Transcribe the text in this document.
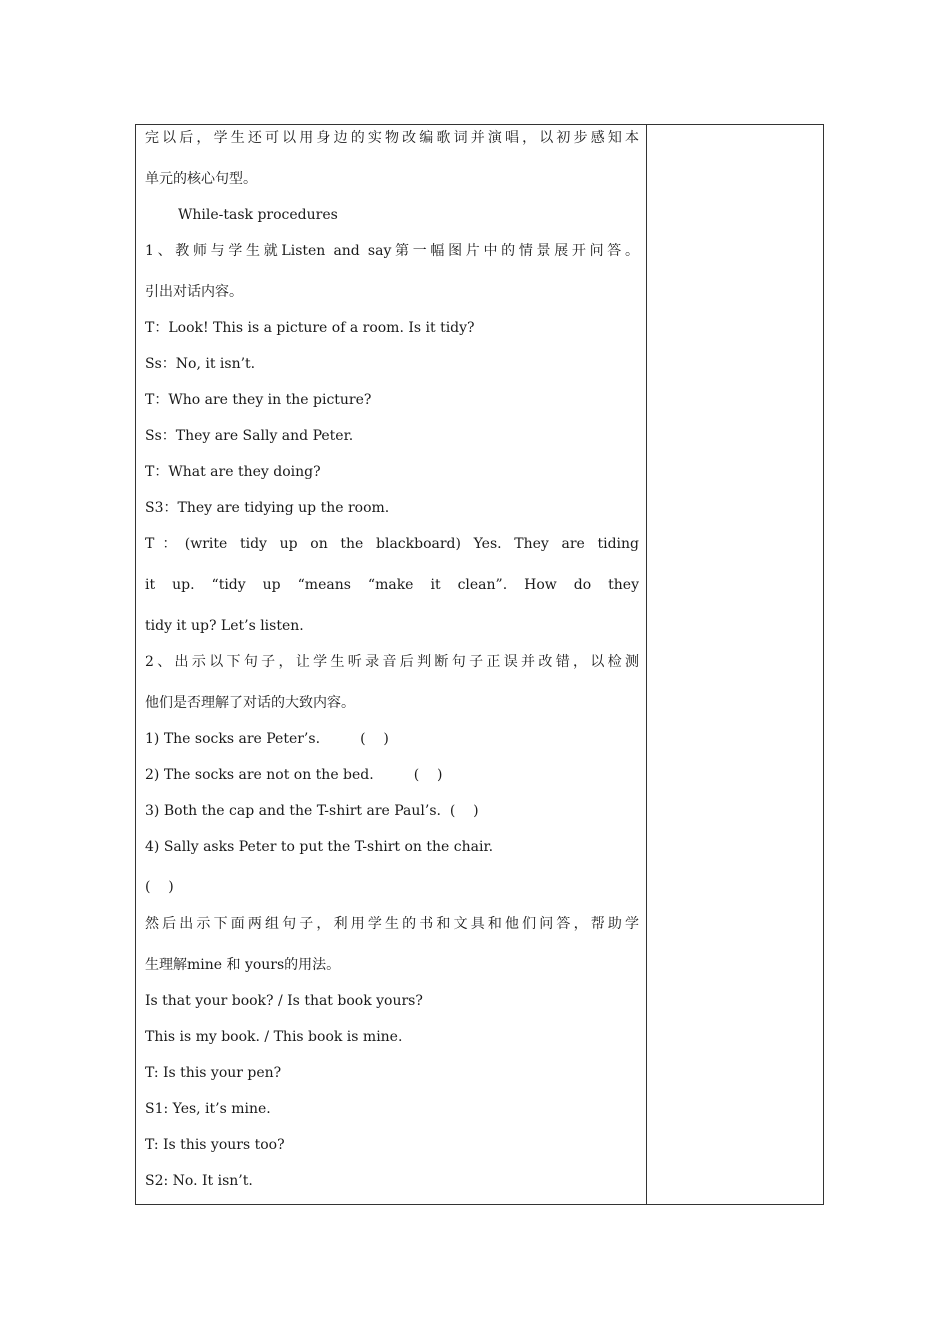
完以后，学生还可以用身边的实物改编歌词并演唱，以初步感知本
单元的核心句型。
While-task procedures
1、教师与学生就Listen and say第一幅图片中的情景展开问答。
引出对话内容。
T：Look! This is a picture of a room. Is it tidy?
Ss：No, it isn’t.
T：Who are they in the picture?
Ss：They are Sally and Peter.
T：What are they doing?
S3：They are tidying up the room.
T：(write tidy up on the blackboard) Yes. They are tiding
it up. “tidy up “means “make it clean”. How do they
tidy it up? Let’s listen.
2、出示以下句子，让学生听录音后判断句子正误并改错，以检测
他们是否理解了对话的大致内容。
1) The socks are Peter’s.         (    )
2) The socks are not on the bed.         (    )
3) Both the cap and the T-shirt are Paul’s.  (    )
4) Sally asks Peter to put the T-shirt on the chair.
(    )
然后出示下面两组句子，利用学生的书和文具和他们问答，帮助学
生理解mine 和 yours的用法。
Is that your book? / Is that book yours?
This is my book. / This book is mine.
T: Is this your pen?
S1: Yes, it’s mine.
T: Is this yours too?
S2: No. It isn’t.
